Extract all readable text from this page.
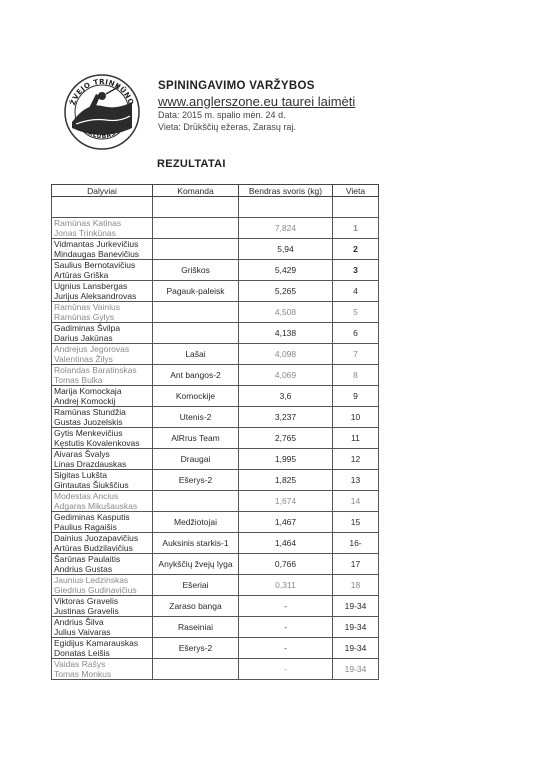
ŽVEJO TRINKŪNO
KLUBAS

SPININGAVIMO VARŽYBOS

www.anglerszone.eu taurei laimėti

Data: 2015 m. spalio mėn. 24 d.

Vieta: Drūkščių ežeras, Zarasų raj.

REZULTATAI
Dalyviai	Komanda	Bendras svoris (kg)	Vieta

Ramūnas Katinas
Jonas Trinkūnas		7,824	1

Vidmantas Jurkevičius
Mindaugas Banevičius		5,94	2

Saulius Bernotavičius
Artūras Griška	Griškos	5,429	3

Ugnius Lansbergas
Jurijus Aleksandrovas	Pagauk-paleisk	5,265	4

Ramūnas Vainius
Ramūnas Gylys		4,508	5

Gadiminas Švilpa
Darius Jakūnas		4,138	6

Andrejus Jegorovas
Valentinas Žilys	Lašai	4,098	7

Rolandas Baratinskas
Tomas Bulka	Ant bangos-2	4,069	8

Marija Komockaja
Andrej Komockij	Komockije	3,6	9

Ramūnas Stundžia
Gustas Juozelskis	Utenis-2	3,237	10

Gytis Menkevičius
Kęstutis Kovalenkovas	AlRrus Team	2,765	11

Aivaras Švalys
Linas Drazdauskas	Draugai	1,995	12

Sigitas Lukšta
Gintautas Šiukščius	Ešerys-2	1,825	13

Modestas Ancius
Adgaras Mikušauskas		1,674	14

Gediminas Kasputis
Paulius Ragaišis	Medžiotojai	1,467	15

Dainius Juozapavičius
Artūras Budzilavičius	Auksinis starkis-1	1,464	16-

Šarūnas Paulaitis
Andrius Gustas	Anykščių žvejų lyga	0,766	17

Jaunius Ledzinskas
Giedrius Gudinavičius	Ešeriai	0,311	18

Viktoras Gravelis
Justinas Gravelis	Zaraso banga	-	19-34

Andrius Šilva
Julius Vaivaras	Raseiniai	-	19-34

Egidijus Kamarauskas
Donatas Leišis	Ešerys-2	-	19-34

Vaidas Rašys
Tomas Monkus		-	19-34
